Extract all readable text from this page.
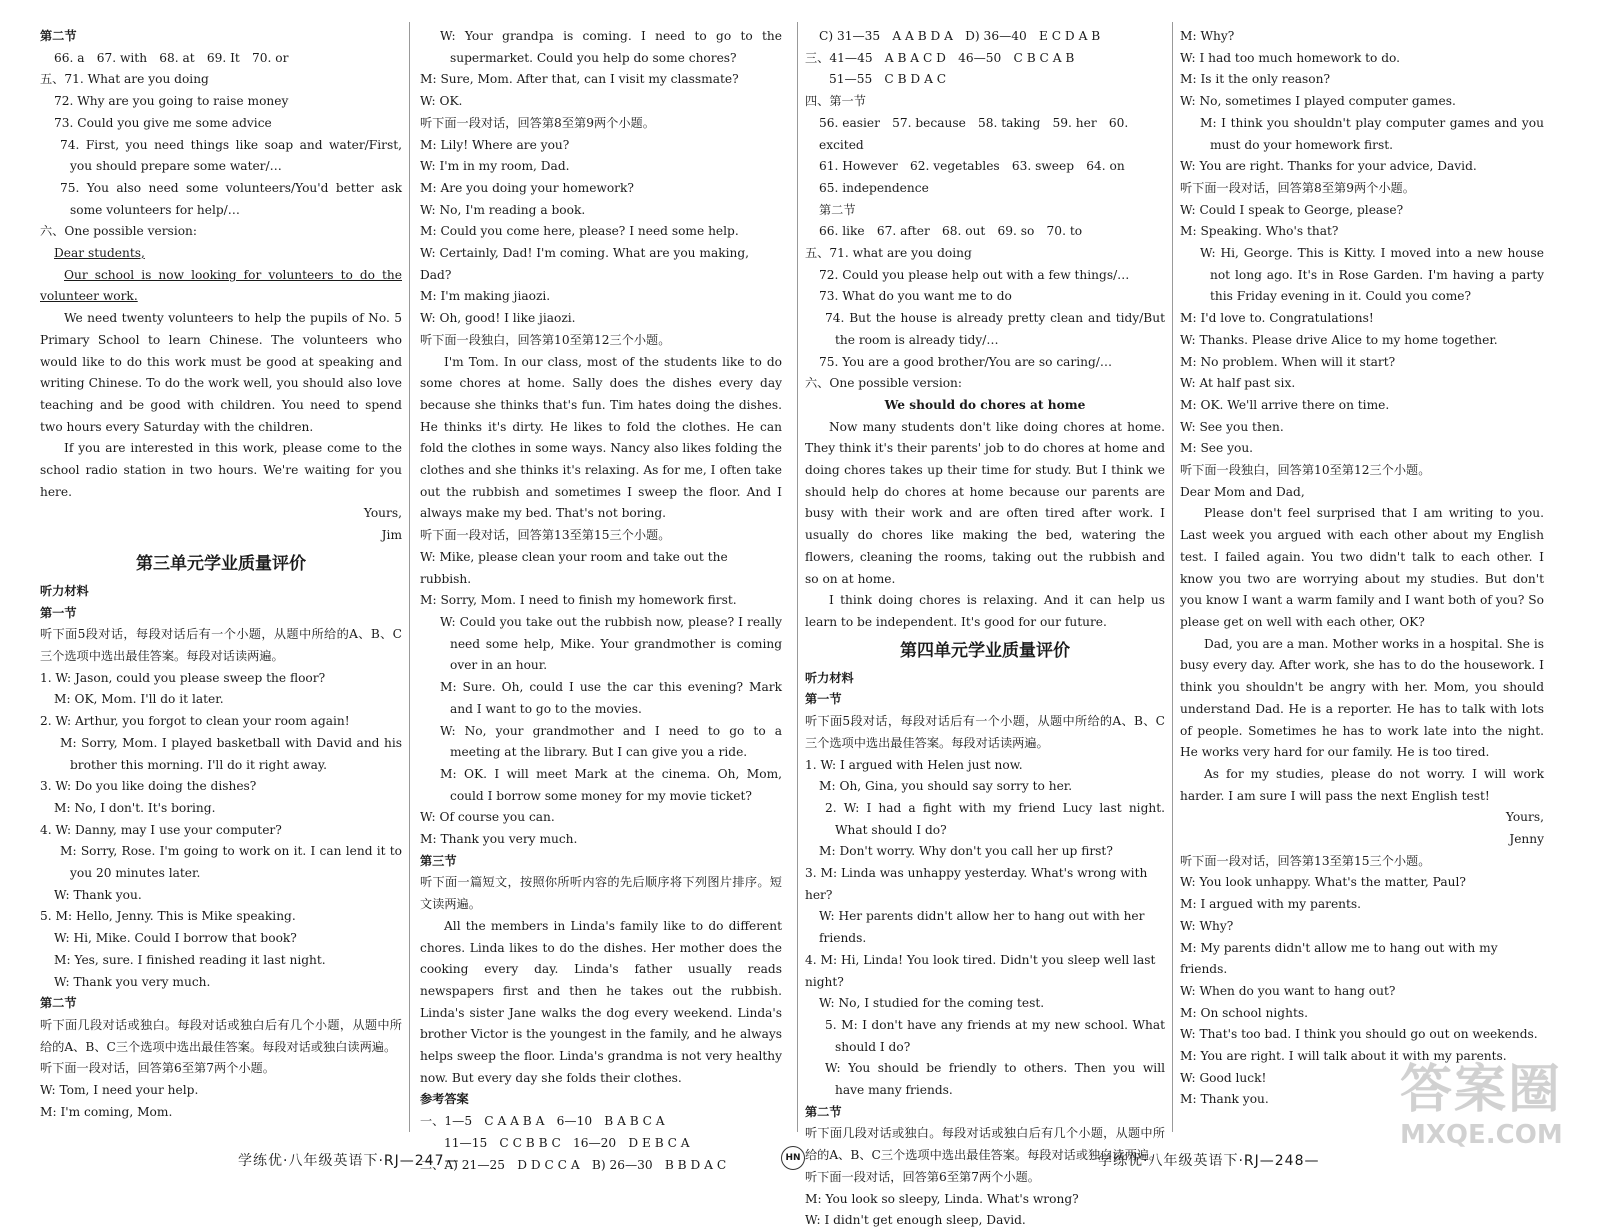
第二节

66. a　67. with　68. at　69. It　70. or

五、71. What are you doing

72. Why are you going to raise money

73. Could you give me some advice

74. First, you need things like soap and water/First, you should prepare some water/…

75. You also need some volunteers/You'd better ask some volunteers for help/…

六、One possible version:

Dear students,

Our school is now looking for volunteers to do the volunteer work.

We need twenty volunteers to help the pupils of No. 5 Primary School to learn Chinese. The volunteers who would like to do this work must be good at speaking and writing Chinese. To do the work well, you should also love teaching and be good with children. You need to spend two hours every Saturday with the children.

If you are interested in this work, please come to the school radio station in two hours. We're waiting for you here.

Yours,

Jim

第三单元学业质量评价

听力材料

第一节

听下面5段对话，每段对话后有一个小题，从题中所给的A、B、C三个选项中选出最佳答案。每段对话读两遍。

1. W: Jason, could you please sweep the floor?

M: OK, Mom. I'll do it later.

2. W: Arthur, you forgot to clean your room again!

M: Sorry, Mom. I played basketball with David and his brother this morning. I'll do it right away.

3. W: Do you like doing the dishes?

M: No, I don't. It's boring.

4. W: Danny, may I use your computer?

M: Sorry, Rose. I'm going to work on it. I can lend it to you 20 minutes later.

W: Thank you.

5. M: Hello, Jenny. This is Mike speaking.

W: Hi, Mike. Could I borrow that book?

M: Yes, sure. I finished reading it last night.

W: Thank you very much.

第二节

听下面几段对话或独白。每段对话或独白后有几个小题，从题中所给的A、B、C三个选项中选出最佳答案。每段对话或独白读两遍。

听下面一段对话，回答第6至第7两个小题。

W: Tom, I need your help.

M: I'm coming, Mom.

W: Your grandpa is coming. I need to go to the supermarket. Could you help do some chores?

M: Sure, Mom. After that, can I visit my classmate?

W: OK.

听下面一段对话，回答第8至第9两个小题。

M: Lily! Where are you?

W: I'm in my room, Dad.

M: Are you doing your homework?

W: No, I'm reading a book.

M: Could you come here, please? I need some help.

W: Certainly, Dad! I'm coming. What are you making, Dad?

M: I'm making jiaozi.

W: Oh, good! I like jiaozi.

听下面一段独白，回答第10至第12三个小题。

I'm Tom. In our class, most of the students like to do some chores at home. Sally does the dishes every day because she thinks that's fun. Tim hates doing the dishes. He thinks it's dirty. He likes to fold the clothes. He can fold the clothes in some ways. Nancy also likes folding the clothes and she thinks it's relaxing. As for me, I often take out the rubbish and sometimes I sweep the floor. And I always make my bed. That's not boring.

听下面一段对话，回答第13至第15三个小题。

W: Mike, please clean your room and take out the rubbish.

M: Sorry, Mom. I need to finish my homework first.

W: Could you take out the rubbish now, please? I really need some help, Mike. Your grandmother is coming over in an hour.

M: Sure. Oh, could I use the car this evening? Mark and I want to go to the movies.

W: No, your grandmother and I need to go to a meeting at the library. But I can give you a ride.

M: OK. I will meet Mark at the cinema. Oh, Mom, could I borrow some money for my movie ticket?

W: Of course you can.

M: Thank you very much.

第三节

听下面一篇短文，按照你所听内容的先后顺序将下列图片排序。短文读两遍。

All the members in Linda's family like to do different chores. Linda likes to do the dishes. Her mother does the cooking every day. Linda's father usually reads newspapers first and then he takes out the rubbish. Linda's sister Jane walks the dog every weekend. Linda's brother Victor is the youngest in the family, and he always helps sweep the floor. Linda's grandma is not very healthy now. But every day she folds their clothes.

参考答案

一、1—5　C A A B A　6—10　B A B C A

11—15　C C B B C　16—20　D E B C A

二、A) 21—25　D D C C A　B) 26—30　B B D A C

C) 31—35　A A B D A　D) 36—40　E C D A B

三、41—45　A B A C D　46—50　C B C A B

51—55　C B D A C

四、第一节

56. easier　57. because　58. taking　59. her　60. excited

61. However　62. vegetables　63. sweep　64. on

65. independence

第二节

66. like　67. after　68. out　69. so　70. to

五、71. what are you doing

72. Could you please help out with a few things/…

73. What do you want me to do

74. But the house is already pretty clean and tidy/But the room is already tidy/…

75. You are a good brother/You are so caring/…

六、One possible version:

We should do chores at home

Now many students don't like doing chores at home. They think it's their parents' job to do chores at home and doing chores takes up their time for study. But I think we should help do chores at home because our parents are busy with their work and are often tired after work. I usually do chores like making the bed, watering the flowers, cleaning the rooms, taking out the rubbish and so on at home.

I think doing chores is relaxing. And it can help us learn to be independent. It's good for our future.

第四单元学业质量评价

听力材料

第一节

听下面5段对话，每段对话后有一个小题，从题中所给的A、B、C三个选项中选出最佳答案。每段对话读两遍。

1. W: I argued with Helen just now.

M: Oh, Gina, you should say sorry to her.

2. W: I had a fight with my friend Lucy last night. What should I do?

M: Don't worry. Why don't you call her up first?

3. M: Linda was unhappy yesterday. What's wrong with her?

W: Her parents didn't allow her to hang out with her friends.

4. M: Hi, Linda! You look tired. Didn't you sleep well last night?

W: No, I studied for the coming test.

5. M: I don't have any friends at my new school. What should I do?

W: You should be friendly to others. Then you will have many friends.

第二节

听下面几段对话或独白。每段对话或独白后有几个小题，从题中所给的A、B、C三个选项中选出最佳答案。每段对话或独白读两遍。

听下面一段对话，回答第6至第7两个小题。

M: You look so sleepy, Linda. What's wrong?

W: I didn't get enough sleep, David.

M: Why?

W: I had too much homework to do.

M: Is it the only reason?

W: No, sometimes I played computer games.

M: I think you shouldn't play computer games and you must do your homework first.

W: You are right. Thanks for your advice, David.

听下面一段对话，回答第8至第9两个小题。

W: Could I speak to George, please?

M: Speaking. Who's that?

W: Hi, George. This is Kitty. I moved into a new house not long ago. It's in Rose Garden. I'm having a party this Friday evening in it. Could you come?

M: I'd love to. Congratulations!

W: Thanks. Please drive Alice to my home together.

M: No problem. When will it start?

W: At half past six.

M: OK. We'll arrive there on time.

W: See you then.

M: See you.

听下面一段独白，回答第10至第12三个小题。

Dear Mom and Dad,

Please don't feel surprised that I am writing to you. Last week you argued with each other about my English test. I failed again. You two didn't talk to each other. I know you two are worrying about my studies. But don't you know I want a warm family and I want both of you? So please get on well with each other, OK?

Dad, you are a man. Mother works in a hospital. She is busy every day. After work, she has to do the housework. I think you shouldn't be angry with her. Mom, you should understand Dad. He is a reporter. He has to talk with lots of people. Sometimes he has to work late into the night. He works very hard for our family. He is too tired.

As for my studies, please do not worry. I will work harder. I am sure I will pass the next English test!

Yours,

Jenny

听下面一段对话，回答第13至第15三个小题。

W: You look unhappy. What's the matter, Paul?

M: I argued with my parents.

W: Why?

M: My parents didn't allow me to hang out with my friends.

W: When do you want to hang out?

M: On school nights.

W: That's too bad. I think you should go out on weekends.

M: You are right. I will talk about it with my parents.

W: Good luck!

M: Thank you.

学练优·八年级英语下·RJ—247—	HN	学练优·八年级英语下·RJ—248—
答案圈
MXQE.COM
